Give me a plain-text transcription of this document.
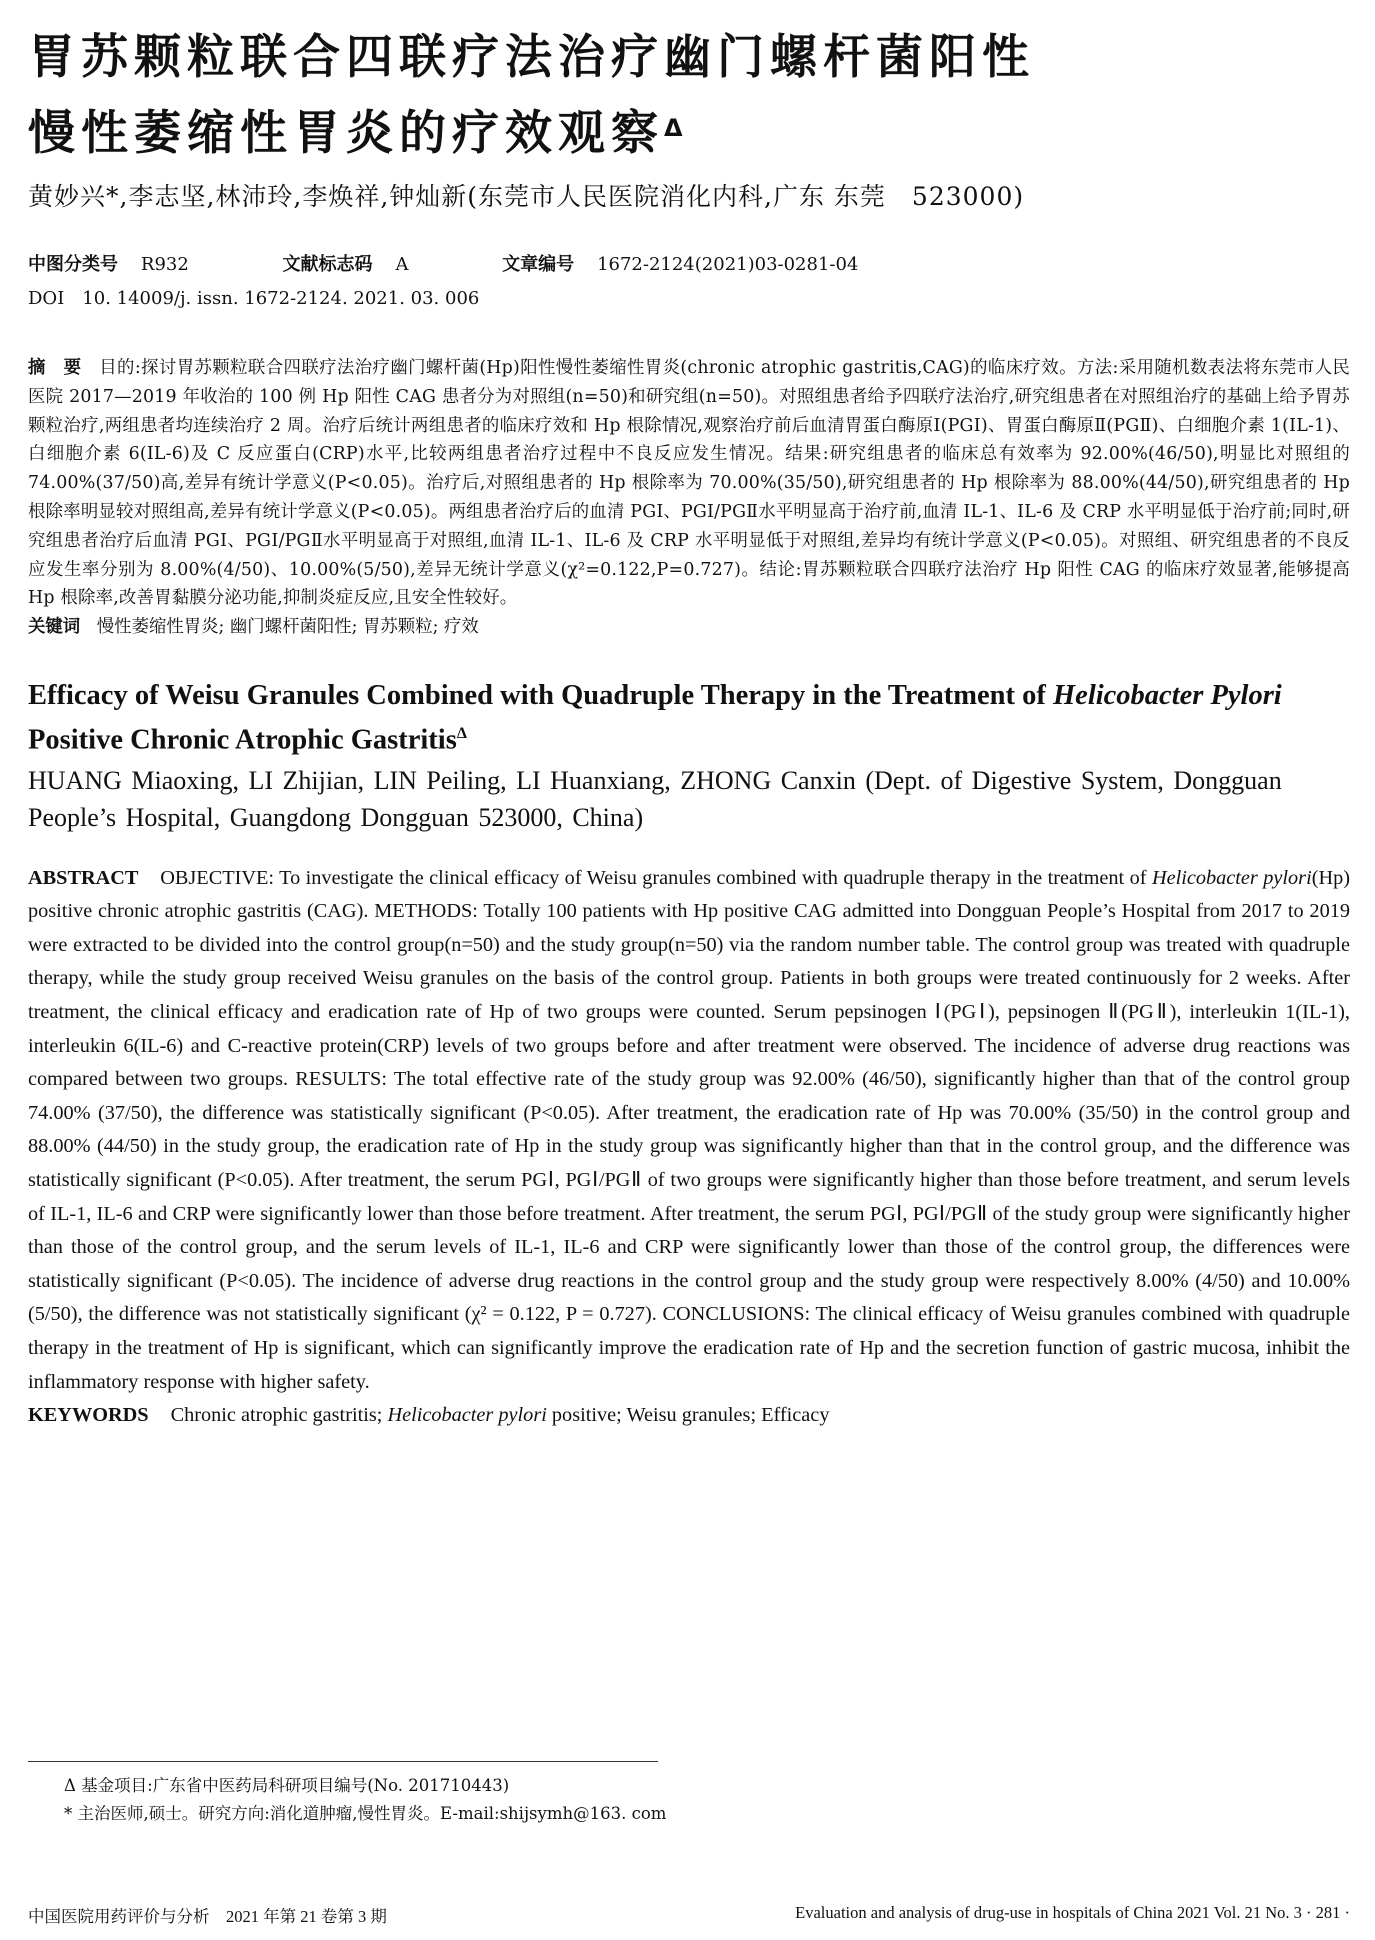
胃苏颗粒联合四联疗法治疗幽门螺杆菌阳性
慢性萎缩性胃炎的疗效观察$^\Delta$
黄妙兴*,李志坚,林沛玲,李焕祥,钟灿新(东莞市人民医院消化内科,广东 东莞　523000)
中图分类号 R932	文献标志码 A	文章编号 1672-2124(2021)03-0281-04
DOI　10. 14009/j. issn. 1672-2124. 2021. 03. 006
摘　要 目的:探讨胃苏颗粒联合四联疗法治疗幽门螺杆菌(Hp)阳性慢性萎缩性胃炎(chronic atrophic gastritis,CAG)的临床疗效。方法:采用随机数表法将东莞市人民医院 2017—2019 年收治的 100 例 Hp 阳性 CAG 患者分为对照组(n=50)和研究组(n=50)。对照组患者给予四联疗法治疗,研究组患者在对照组治疗的基础上给予胃苏颗粒治疗,两组患者均连续治疗 2 周。治疗后统计两组患者的临床疗效和 Hp 根除情况,观察治疗前后血清胃蛋白酶原Ⅰ(PGⅠ)、胃蛋白酶原Ⅱ(PGⅡ)、白细胞介素 1(IL-1)、白细胞介素 6(IL-6)及 C 反应蛋白(CRP)水平,比较两组患者治疗过程中不良反应发生情况。结果:研究组患者的临床总有效率为 92.00%(46/50),明显比对照组的 74.00%(37/50)高,差异有统计学意义(P<0.05)。治疗后,对照组患者的 Hp 根除率为 70.00%(35/50),研究组患者的 Hp 根除率为 88.00%(44/50),研究组患者的 Hp 根除率明显较对照组高,差异有统计学意义(P<0.05)。两组患者治疗后的血清 PGⅠ、PGⅠ/PGⅡ水平明显高于治疗前,血清 IL-1、IL-6 及 CRP 水平明显低于治疗前;同时,研究组患者治疗后血清 PGⅠ、PGⅠ/PGⅡ水平明显高于对照组,血清 IL-1、IL-6 及 CRP 水平明显低于对照组,差异均有统计学意义(P<0.05)。对照组、研究组患者的不良反应发生率分别为 8.00%(4/50)、10.00%(5/50),差异无统计学意义(χ²=0.122,P=0.727)。结论:胃苏颗粒联合四联疗法治疗 Hp 阳性 CAG 的临床疗效显著,能够提高 Hp 根除率,改善胃黏膜分泌功能,抑制炎症反应,且安全性较好。
关键词 慢性萎缩性胃炎; 幽门螺杆菌阳性; 胃苏颗粒; 疗效
Efficacy of Weisu Granules Combined with Quadruple Therapy in the Treatment of Helicobacter Pylori Positive Chronic Atrophic Gastritis$^\Delta$
HUANG Miaoxing, LI Zhijian, LIN Peiling, LI Huanxiang, ZHONG Canxin (Dept. of Digestive System, Dongguan People’s Hospital, Guangdong Dongguan 523000, China)
ABSTRACT OBJECTIVE: To investigate the clinical efficacy of Weisu granules combined with quadruple therapy in the treatment of Helicobacter pylori(Hp) positive chronic atrophic gastritis (CAG). METHODS: Totally 100 patients with Hp positive CAG admitted into Dongguan People’s Hospital from 2017 to 2019 were extracted to be divided into the control group(n=50) and the study group(n=50) via the random number table. The control group was treated with quadruple therapy, while the study group received Weisu granules on the basis of the control group. Patients in both groups were treated continuously for 2 weeks. After treatment, the clinical efficacy and eradication rate of Hp of two groups were counted. Serum pepsinogen Ⅰ(PGⅠ), pepsinogen Ⅱ(PGⅡ), interleukin 1(IL-1), interleukin 6(IL-6) and C-reactive protein(CRP) levels of two groups before and after treatment were observed. The incidence of adverse drug reactions was compared between two groups. RESULTS: The total effective rate of the study group was 92.00% (46/50), significantly higher than that of the control group 74.00% (37/50), the difference was statistically significant (P<0.05). After treatment, the eradication rate of Hp was 70.00% (35/50) in the control group and 88.00% (44/50) in the study group, the eradication rate of Hp in the study group was significantly higher than that in the control group, and the difference was statistically significant (P<0.05). After treatment, the serum PGⅠ, PGⅠ/PGⅡ of two groups were significantly higher than those before treatment, and serum levels of IL-1, IL-6 and CRP were significantly lower than those before treatment. After treatment, the serum PGⅠ, PGⅠ/PGⅡ of the study group were significantly higher than those of the control group, and the serum levels of IL-1, IL-6 and CRP were significantly lower than those of the control group, the differences were statistically significant (P<0.05). The incidence of adverse drug reactions in the control group and the study group were respectively 8.00% (4/50) and 10.00% (5/50), the difference was not statistically significant (χ² = 0.122, P = 0.727). CONCLUSIONS: The clinical efficacy of Weisu granules combined with quadruple therapy in the treatment of Hp is significant, which can significantly improve the eradication rate of Hp and the secretion function of gastric mucosa, inhibit the inflammatory response with higher safety.
KEYWORDS Chronic atrophic gastritis; Helicobacter pylori positive; Weisu granules; Efficacy
Δ 基金项目:广东省中医药局科研项目编号(No. 201710443)
* 主治医师,硕士。研究方向:消化道肿瘤,慢性胃炎。E-mail:shijsymh@163. com
中国医院用药评价与分析　2021 年第 21 卷第 3 期	Evaluation and analysis of drug-use in hospitals of China 2021 Vol. 21 No. 3 · 281 ·
